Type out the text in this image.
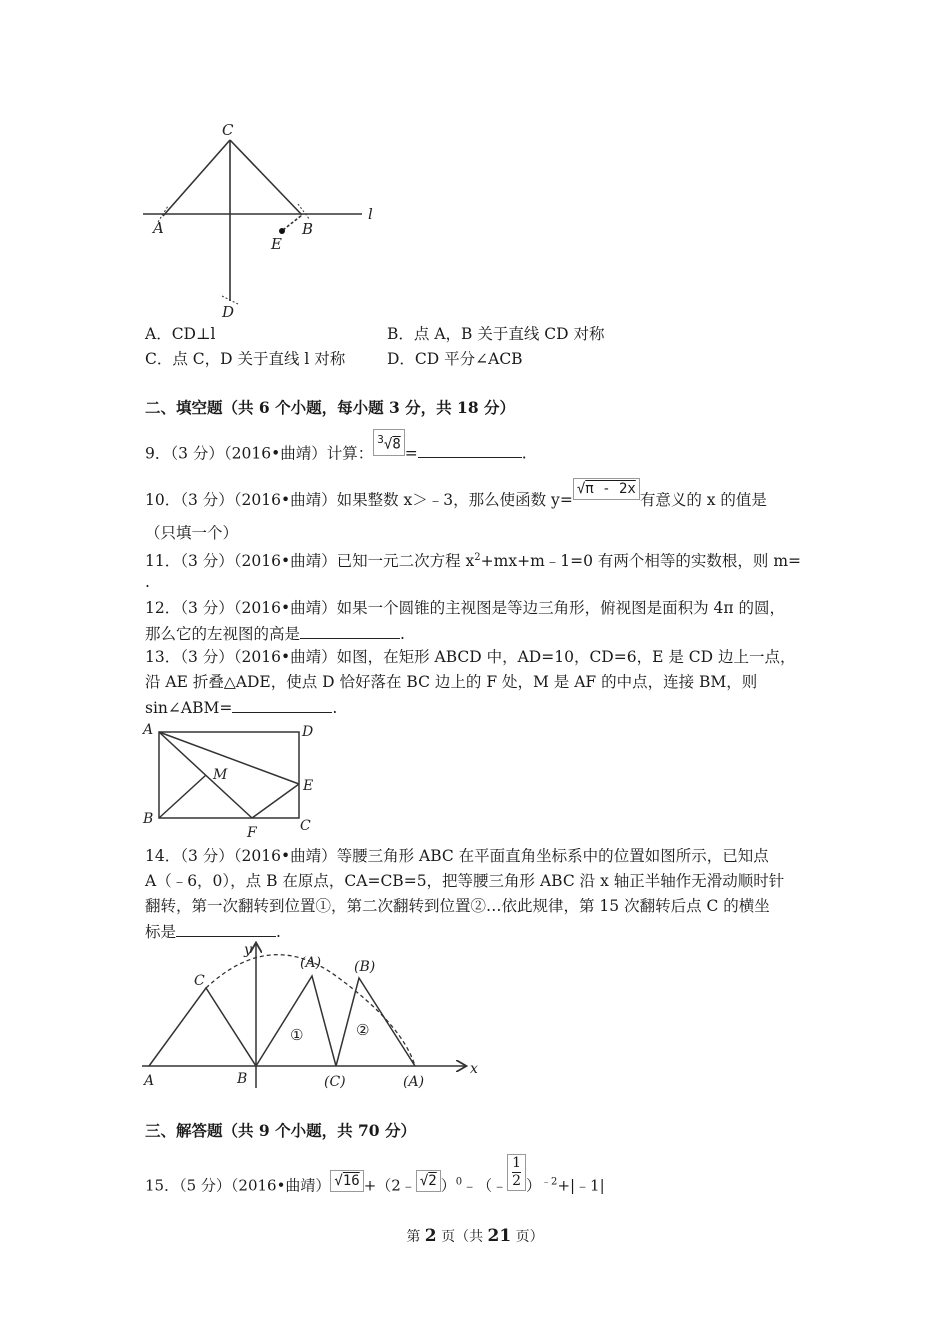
C
A	B
E
D
l
A．CD⊥l	B．点 A，B 关于直线 CD 对称
C．点 C，D 关于直线 l 对称	D．CD 平分∠ACB
二、填空题（共 6 个小题，每小题 3 分，共 18 分）
9．（3 分）（2016•曲靖）计算：$^3$√8 =	.
10．（3 分）（2016•曲靖）如果整数 x＞﹣3，那么使函数 y=√π - 2x有意义的 x 的值是
（只填一个）
11．（3 分）（2016•曲靖）已知一元二次方程 $x^2+mx+m﹣1=0$ 有两个相等的实数根，则 m=
.
12．（3 分）（2016•曲靖）如果一个圆锥的主视图是等边三角形，俯视图是面积为 4π 的圆，
那么它的左视图的高是	.
13．（3 分）（2016•曲靖）如图，在矩形 ABCD 中，AD=10，CD=6，E 是 CD 边上一点，
沿 AE 折叠△ADE，使点 D 恰好落在 BC 边上的 F 处，M 是 AF 的中点，连接 BM，则
sin∠ABM=	.
A	D
M
E
B
F	C
14．（3 分）（2016•曲靖）等腰三角形 ABC 在平面直角坐标系中的位置如图所示，已知点
A（﹣6，0），点 B 在原点，CA=CB=5，把等腰三角形 ABC 沿 x 轴正半轴作无滑动顺时针
翻转，第一次翻转到位置①，第二次翻转到位置②…依此规律，第 15 次翻转后点 C 的横坐
标是	.
y
x
A	B
C
(A) (B)
(C)	(A)
①	②
三、解答题（共 9 个小题，共 70 分）
15．（5 分）（2016•曲靖） √16 +（2﹣ √2 ）$^0$﹣（﹣ $\frac{1}{2}$ ）$^{﹣2}$+|﹣1|
第 2 页（共 21 页）
